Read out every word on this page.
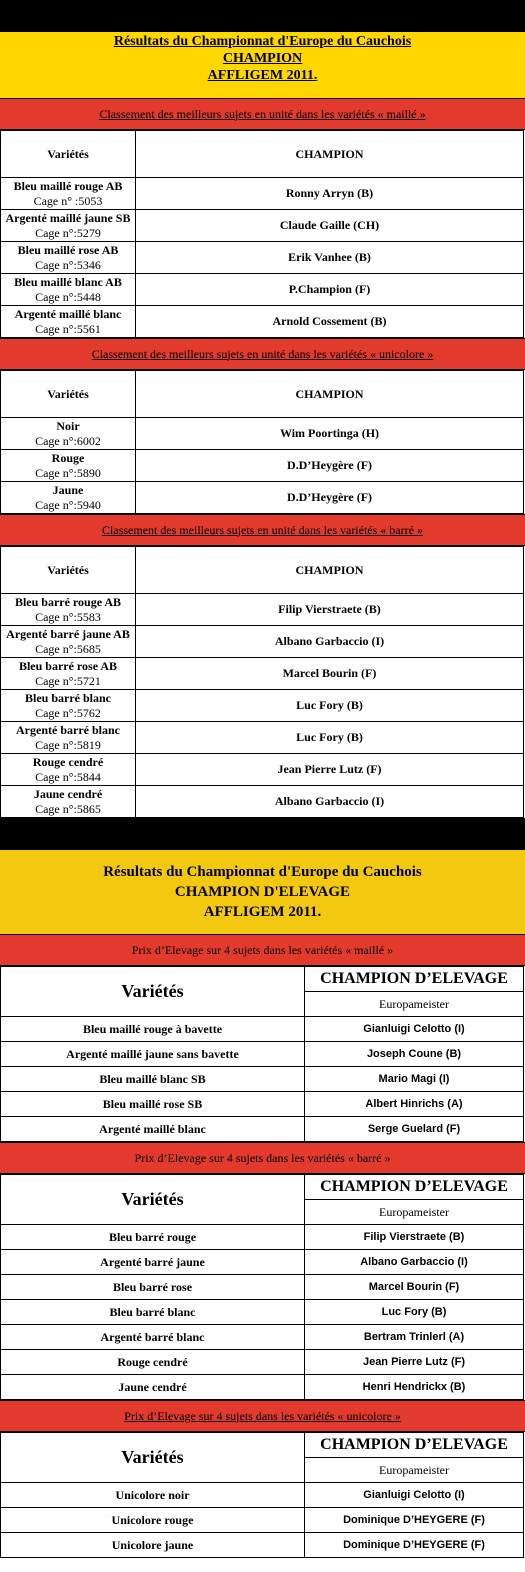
Résultats du Championnat d'Europe du Cauchois
CHAMPION
AFFLIGEM 2011.
Classement des meilleurs sujets en unité dans les variétés « maillé »
Variétés	CHAMPION

Bleu maillé rouge AB
Cage n° :5053	Ronny Arryn (B)

Argenté maillé jaune SB
Cage n°:5279	Claude Gaille (CH)

Bleu maillé rose AB
Cage n°:5346	Erik Vanhee (B)

Bleu maillé blanc AB
Cage n°:5448	P.Champion (F)

Argenté maillé blanc
Cage n°:5561	Arnold Cossement (B)
Classement des meilleurs sujets en unité dans les variétés « unicolore »
Variétés	CHAMPION

Noir
Cage n°:6002	Wim Poortinga (H)

Rouge
Cage n°:5890	D.D’Heygère (F)

Jaune
Cage n°:5940	D.D’Heygère (F)
Classement des meilleurs sujets en unité dans les variétés « barré »
Variétés	CHAMPION

Bleu barré rouge AB
Cage n°:5583	Filip Vierstraete (B)

Argenté barré jaune AB
Cage n°:5685	Albano Garbaccio (I)

Bleu barré rose AB
Cage n°:5721	Marcel Bourin (F)

Bleu barré blanc
Cage n°:5762	Luc Fory (B)

Argenté barré blanc
Cage n°:5819	Luc Fory (B)

Rouge cendré
Cage n°:5844	Jean Pierre Lutz (F)

Jaune cendré
Cage n°:5865	Albano Garbaccio (I)
Résultats du Championnat d'Europe du Cauchois
CHAMPION D'ELEVAGE
AFFLIGEM 2011.
Prix d’Elevage sur 4 sujets dans les variétés « maillé »
Variétés	CHAMPION D’ELEVAGE
	Europameister
Bleu maillé rouge à bavette	Gianluigi Celotto (I)
Argenté maillé jaune sans bavette	Joseph Coune (B)
Bleu maillé blanc SB	Mario Magi (I)
Bleu maillé rose SB	Albert Hinrichs (A)
Argenté maillé blanc	Serge Guelard (F)
Prix d’Elevage sur 4 sujets dans les variétés « barré »
Variétés	CHAMPION D’ELEVAGE
	Europameister
Bleu barré rouge	Filip Vierstraete (B)
Argenté barré jaune	Albano Garbaccio (I)
Bleu barré rose	Marcel Bourin (F)
Bleu barré blanc	Luc Fory (B)
Argenté barré blanc	Bertram Trinlerl (A)
Rouge cendré	Jean Pierre Lutz (F)
Jaune cendré	Henri Hendrickx (B)
Prix d’Elevage sur 4 sujets dans les variétés « unicolore »
Variétés	CHAMPION D’ELEVAGE
	Europameister
Unicolore noir	Gianluigi Celotto (I)
Unicolore rouge	Dominique D’HEYGERE (F)
Unicolore jaune	Dominique D’HEYGERE (F)
